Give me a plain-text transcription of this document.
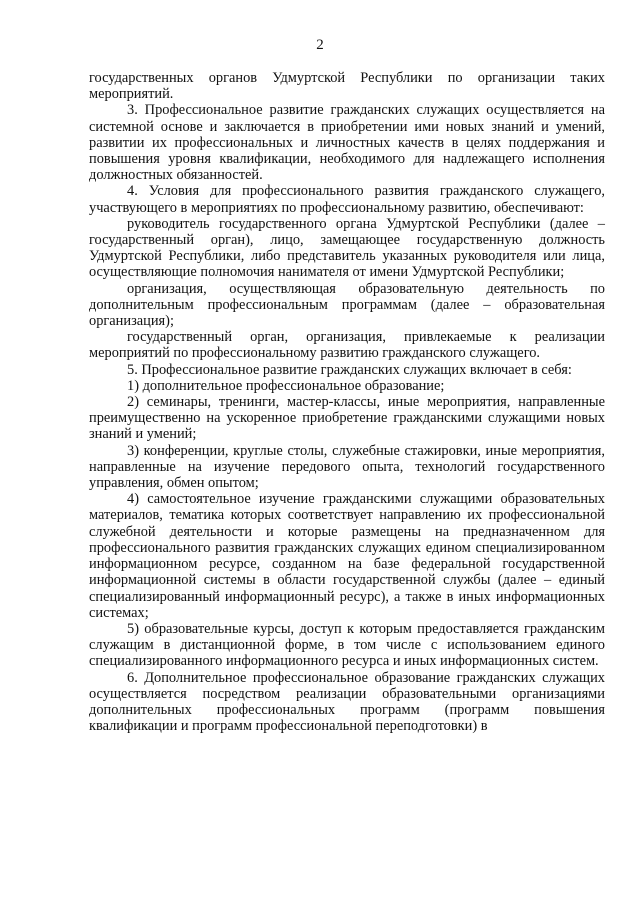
2

государственных органов Удмуртской Республики по организации таких мероприятий.

3. Профессиональное развитие гражданских служащих осуществляется на системной основе и заключается в приобретении ими новых знаний и умений, развитии их профессиональных и личностных качеств в целях поддержания и повышения уровня квалификации, необходимого для надлежащего исполнения должностных обязанностей.

4. Условия для профессионального развития гражданского служащего, участвующего в мероприятиях по профессиональному развитию, обеспечивают:

руководитель государственного органа Удмуртской Республики (далее – государственный орган), лицо, замещающее государственную должность Удмуртской Республики, либо представитель указанных руководителя или лица, осуществляющие полномочия нанимателя от имени Удмуртской Республики;

организация, осуществляющая образовательную деятельность по дополнительным профессиональным программам (далее – образовательная организация);

государственный орган, организация, привлекаемые к реализации мероприятий по профессиональному развитию гражданского служащего.

5. Профессиональное развитие гражданских служащих включает в себя:

1) дополнительное профессиональное образование;

2) семинары, тренинги, мастер-классы, иные мероприятия, направленные преимущественно на ускоренное приобретение гражданскими служащими новых знаний и умений;

3) конференции, круглые столы, служебные стажировки, иные мероприятия, направленные на изучение передового опыта, технологий государственного управления, обмен опытом;

4) самостоятельное изучение гражданскими служащими образовательных материалов, тематика которых соответствует направлению их профессиональной служебной деятельности и которые размещены на предназначенном для профессионального развития гражданских служащих едином специализированном информационном ресурсе, созданном на базе федеральной государственной информационной системы в области государственной службы (далее – единый специализированный информационный ресурс), а также в иных информационных системах;

5) образовательные курсы, доступ к которым предоставляется гражданским служащим в дистанционной форме, в том числе с использованием единого специализированного информационного ресурса и иных информационных систем.

6. Дополнительное профессиональное образование гражданских служащих осуществляется посредством реализации образовательными организациями дополнительных профессиональных программ (программ повышения квалификации и программ профессиональной переподготовки) в
